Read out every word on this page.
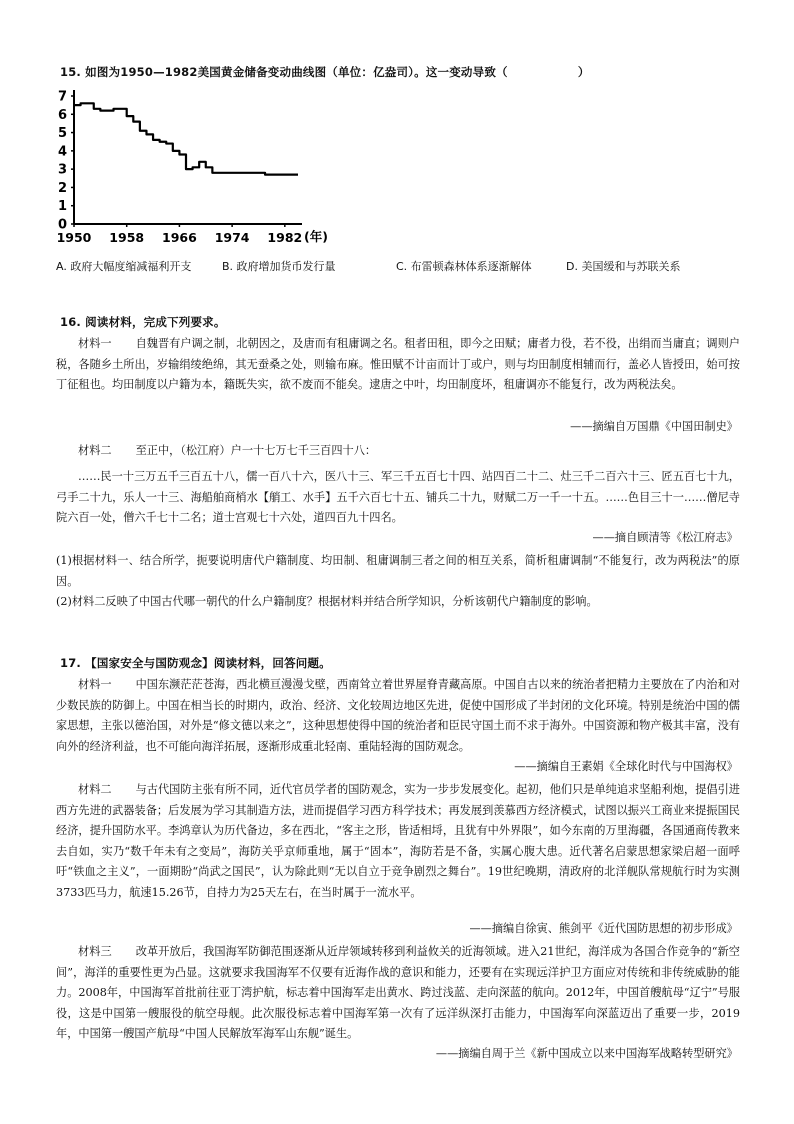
15. 如图为1950—1982美国黄金储备变动曲线图（单位：亿盎司）。这一变动导致（　　　　　　）
0
1
2
3
4
5
6
7
1950 1958 1966 1974 1982 (年)
A. 政府大幅度缩减福利开支	B. 政府增加货币发行量	C. 布雷顿森林体系逐渐解体	D. 美国缓和与苏联关系
16. 阅读材料，完成下列要求。
材料一 自魏晋有户调之制，北朝因之，及唐而有租庸调之名。租者田租，即今之田赋；庸者力役，若不役，出绢而当庸直；调则户税，各随乡土所出，岁输绢绫绝绵，其无蚕桑之处，则输布麻。惟田赋不计亩而计丁或户，则与均田制度相辅而行，盖必人皆授田，始可按丁征租也。均田制度以户籍为本，籍既失实，欲不废而不能矣。逮唐之中叶，均田制度坏，租庸调亦不能复行，改为两税法矣。
——摘编自万国鼎《中国田制史》
材料二 至正中，（松江府）户一十七万七千三百四十八：
……民一十三万五千三百五十八，儒一百八十六，医八十三、军三千五百七十四、站四百二十二、灶三千二百六十三、匠五百七十九，弓手二十九，乐人一十三、海船舶商梢水【艄工、水手】五千六百七十五、铺兵二十九，财赋二万一千一十五。……色目三十一……僧尼寺院六百一处，僧六千七十二名；道士宫观七十六处，道四百九十四名。
——摘自顾清等《松江府志》
(1)根据材料一、结合所学，扼要说明唐代户籍制度、均田制、租庸调制三者之间的相互关系，简析租庸调制“不能复行，改为两税法”的原因。
(2)材料二反映了中国古代哪一朝代的什么户籍制度？根据材料并结合所学知识，分析该朝代户籍制度的影响。
17. 【国家安全与国防观念】阅读材料，回答问题。
材料一 中国东濒茫茫苍海，西北横亘漫漫戈壁，西南耸立着世界屋脊青藏高原。中国自古以来的统治者把精力主要放在了内治和对少数民族的防御上。中国在相当长的时期内，政治、经济、文化较周边地区先进，促使中国形成了半封闭的文化环境。特别是统治中国的儒家思想，主张以德治国，对外是“修文德以来之”，这种思想使得中国的统治者和臣民守国土而不求于海外。中国资源和物产极其丰富，没有向外的经济利益，也不可能向海洋拓展，逐渐形成重北轻南、重陆轻海的国防观念。
——摘编自王素娟《全球化时代与中国海权》
材料二 与古代国防主张有所不同，近代官员学者的国防观念，实为一步步发展变化。起初，他们只是单纯追求坚船利炮，提倡引进西方先进的武器装备；后发展为学习其制造方法，进而提倡学习西方科学技术；再发展到羡慕西方经济模式，试图以振兴工商业来提振国民经济，提升国防水平。李鸿章认为历代备边，多在西北，“客主之形，皆适相埒，且犹有中外界限”，如今东南的万里海疆，各国通商传教来去自如，实乃“数千年未有之变局”，海防关乎京师重地，属于“固本”，海防若是不备，实属心腹大患。近代著名启蒙思想家梁启超一面呼吁“铁血之主义”，一面期盼“尚武之国民”，认为除此则“无以自立于竞争剧烈之舞台”。19世纪晚期，清政府的北洋舰队常规航行时为实测3733匹马力，航速15.26节，自持力为25天左右，在当时属于一流水平。
——摘编自徐寅、熊剑平《近代国防思想的初步形成》
材料三 改革开放后，我国海军防御范围逐渐从近岸领域转移到利益攸关的近海领域。进入21世纪，海洋成为各国合作竞争的“新空间”，海洋的重要性更为凸显。这就要求我国海军不仅要有近海作战的意识和能力，还要有在实现远洋护卫方面应对传统和非传统威胁的能力。2008年，中国海军首批前往亚丁湾护航，标志着中国海军走出黄水、跨过浅蓝、走向深蓝的航向。2012年，中国首艘航母“辽宁”号服役，这是中国第一艘服役的航空母舰。此次服役标志着中国海军第一次有了远洋纵深打击能力，中国海军向深蓝迈出了重要一步，2019年，中国第一艘国产航母“中国人民解放军海军山东舰”诞生。
——摘编自周于兰《新中国成立以来中国海军战略转型研究》
